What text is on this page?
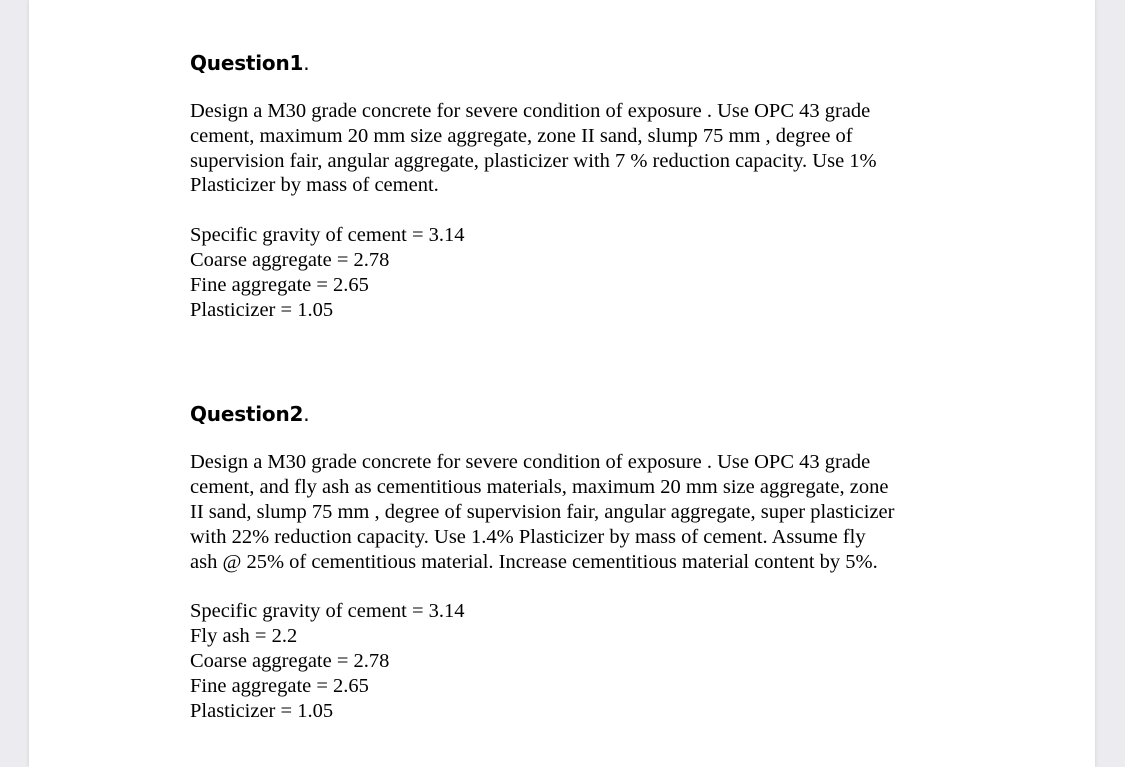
Question1.
Design a M30 grade concrete for severe condition of exposure . Use OPC 43 grade
cement, maximum 20 mm size aggregate, zone II sand, slump 75 mm , degree of
supervision fair, angular aggregate, plasticizer with 7 % reduction capacity. Use 1%
Plasticizer by mass of cement.
Specific gravity of cement = 3.14
Coarse aggregate = 2.78
Fine aggregate = 2.65
Plasticizer = 1.05
Question2.
Design a M30 grade concrete for severe condition of exposure . Use OPC 43 grade
cement, and fly ash as cementitious materials, maximum 20 mm size aggregate, zone
II sand, slump 75 mm , degree of supervision fair, angular aggregate, super plasticizer
with 22% reduction capacity. Use 1.4% Plasticizer by mass of cement. Assume fly
ash @ 25% of cementitious material. Increase cementitious material content by 5%.
Specific gravity of cement = 3.14
Fly ash = 2.2
Coarse aggregate = 2.78
Fine aggregate = 2.65
Plasticizer = 1.05
